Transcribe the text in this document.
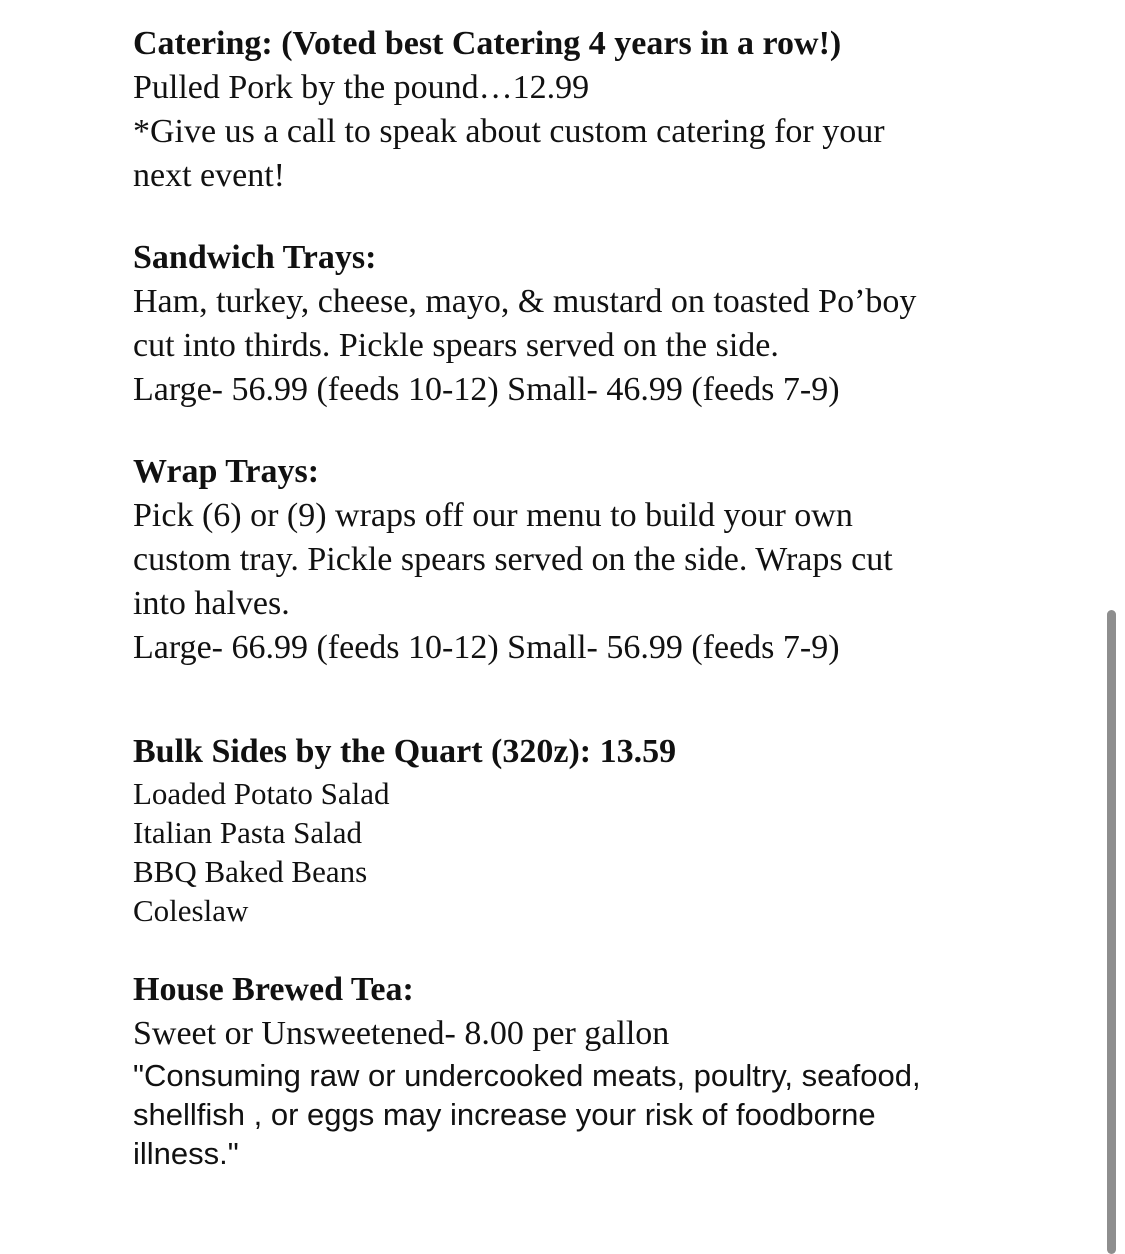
Catering: (Voted best Catering 4 years in a row!)
Pulled Pork by the pound…12.99
*Give us a call to speak about custom catering for your
next event!
Sandwich Trays:
Ham, turkey, cheese, mayo, & mustard on toasted Po’boy
cut into thirds. Pickle spears served on the side.
Large- 56.99 (feeds 10-12) Small- 46.99 (feeds 7-9)
Wrap Trays:
Pick (6) or (9) wraps off our menu to build your own
custom tray. Pickle spears served on the side. Wraps cut
into halves.
Large- 66.99 (feeds 10-12) Small- 56.99 (feeds 7-9)
Bulk Sides by the Quart (320z): 13.59
Loaded Potato Salad
Italian Pasta Salad
BBQ Baked Beans
Coleslaw
House Brewed Tea:
Sweet or Unsweetened- 8.00 per gallon
"Consuming raw or undercooked meats, poultry, seafood,
shellfish , or eggs may increase your risk of foodborne
illness."
